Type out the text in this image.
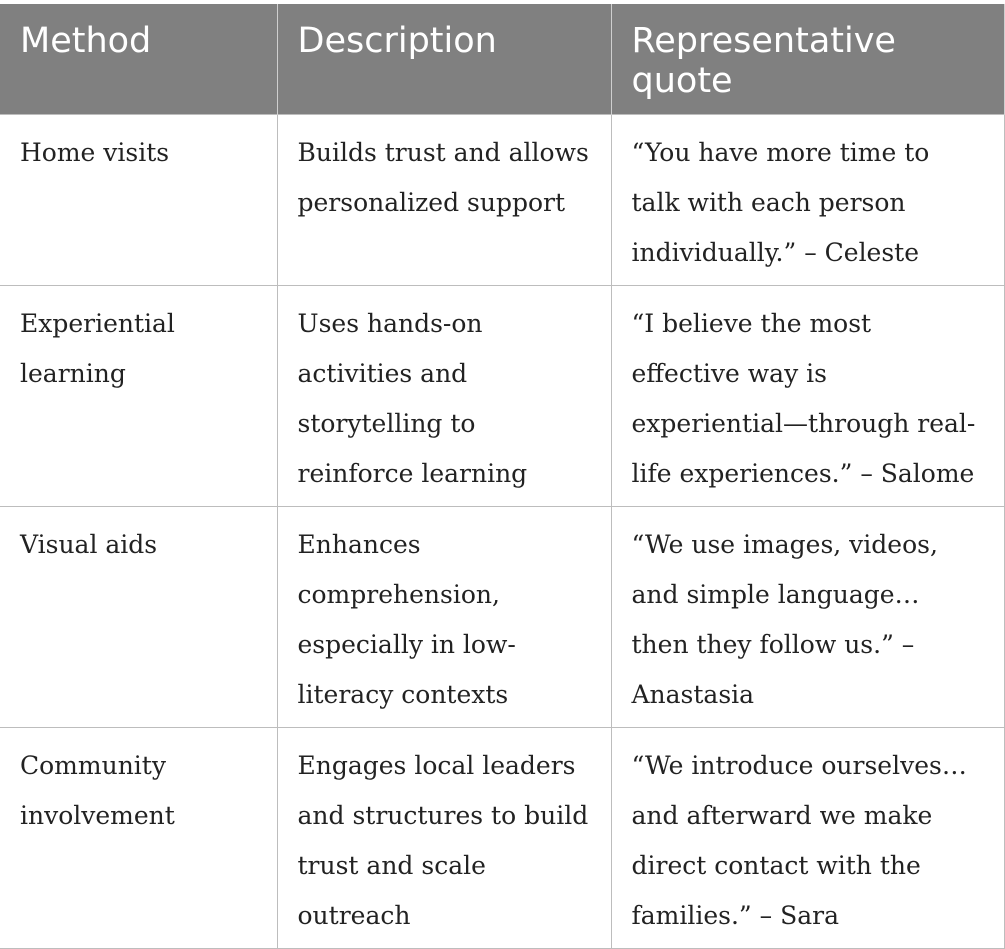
Method	Description	Representative quote
Home visits	Builds trust and allows personalized support	“You have more time to talk with each person individually.” – Celeste
Experiential learning	Uses hands-on activities and storytelling to reinforce learning	“I believe the most effective way is experiential—through real-life experiences.” – Salome
Visual aids	Enhances comprehension, especially in low-literacy contexts	“We use images, videos, and simple language… then they follow us.” – Anastasia
Community involvement	Engages local leaders and structures to build trust and scale outreach	“We introduce ourselves… and afterward we make direct contact with the families.” – Sara
